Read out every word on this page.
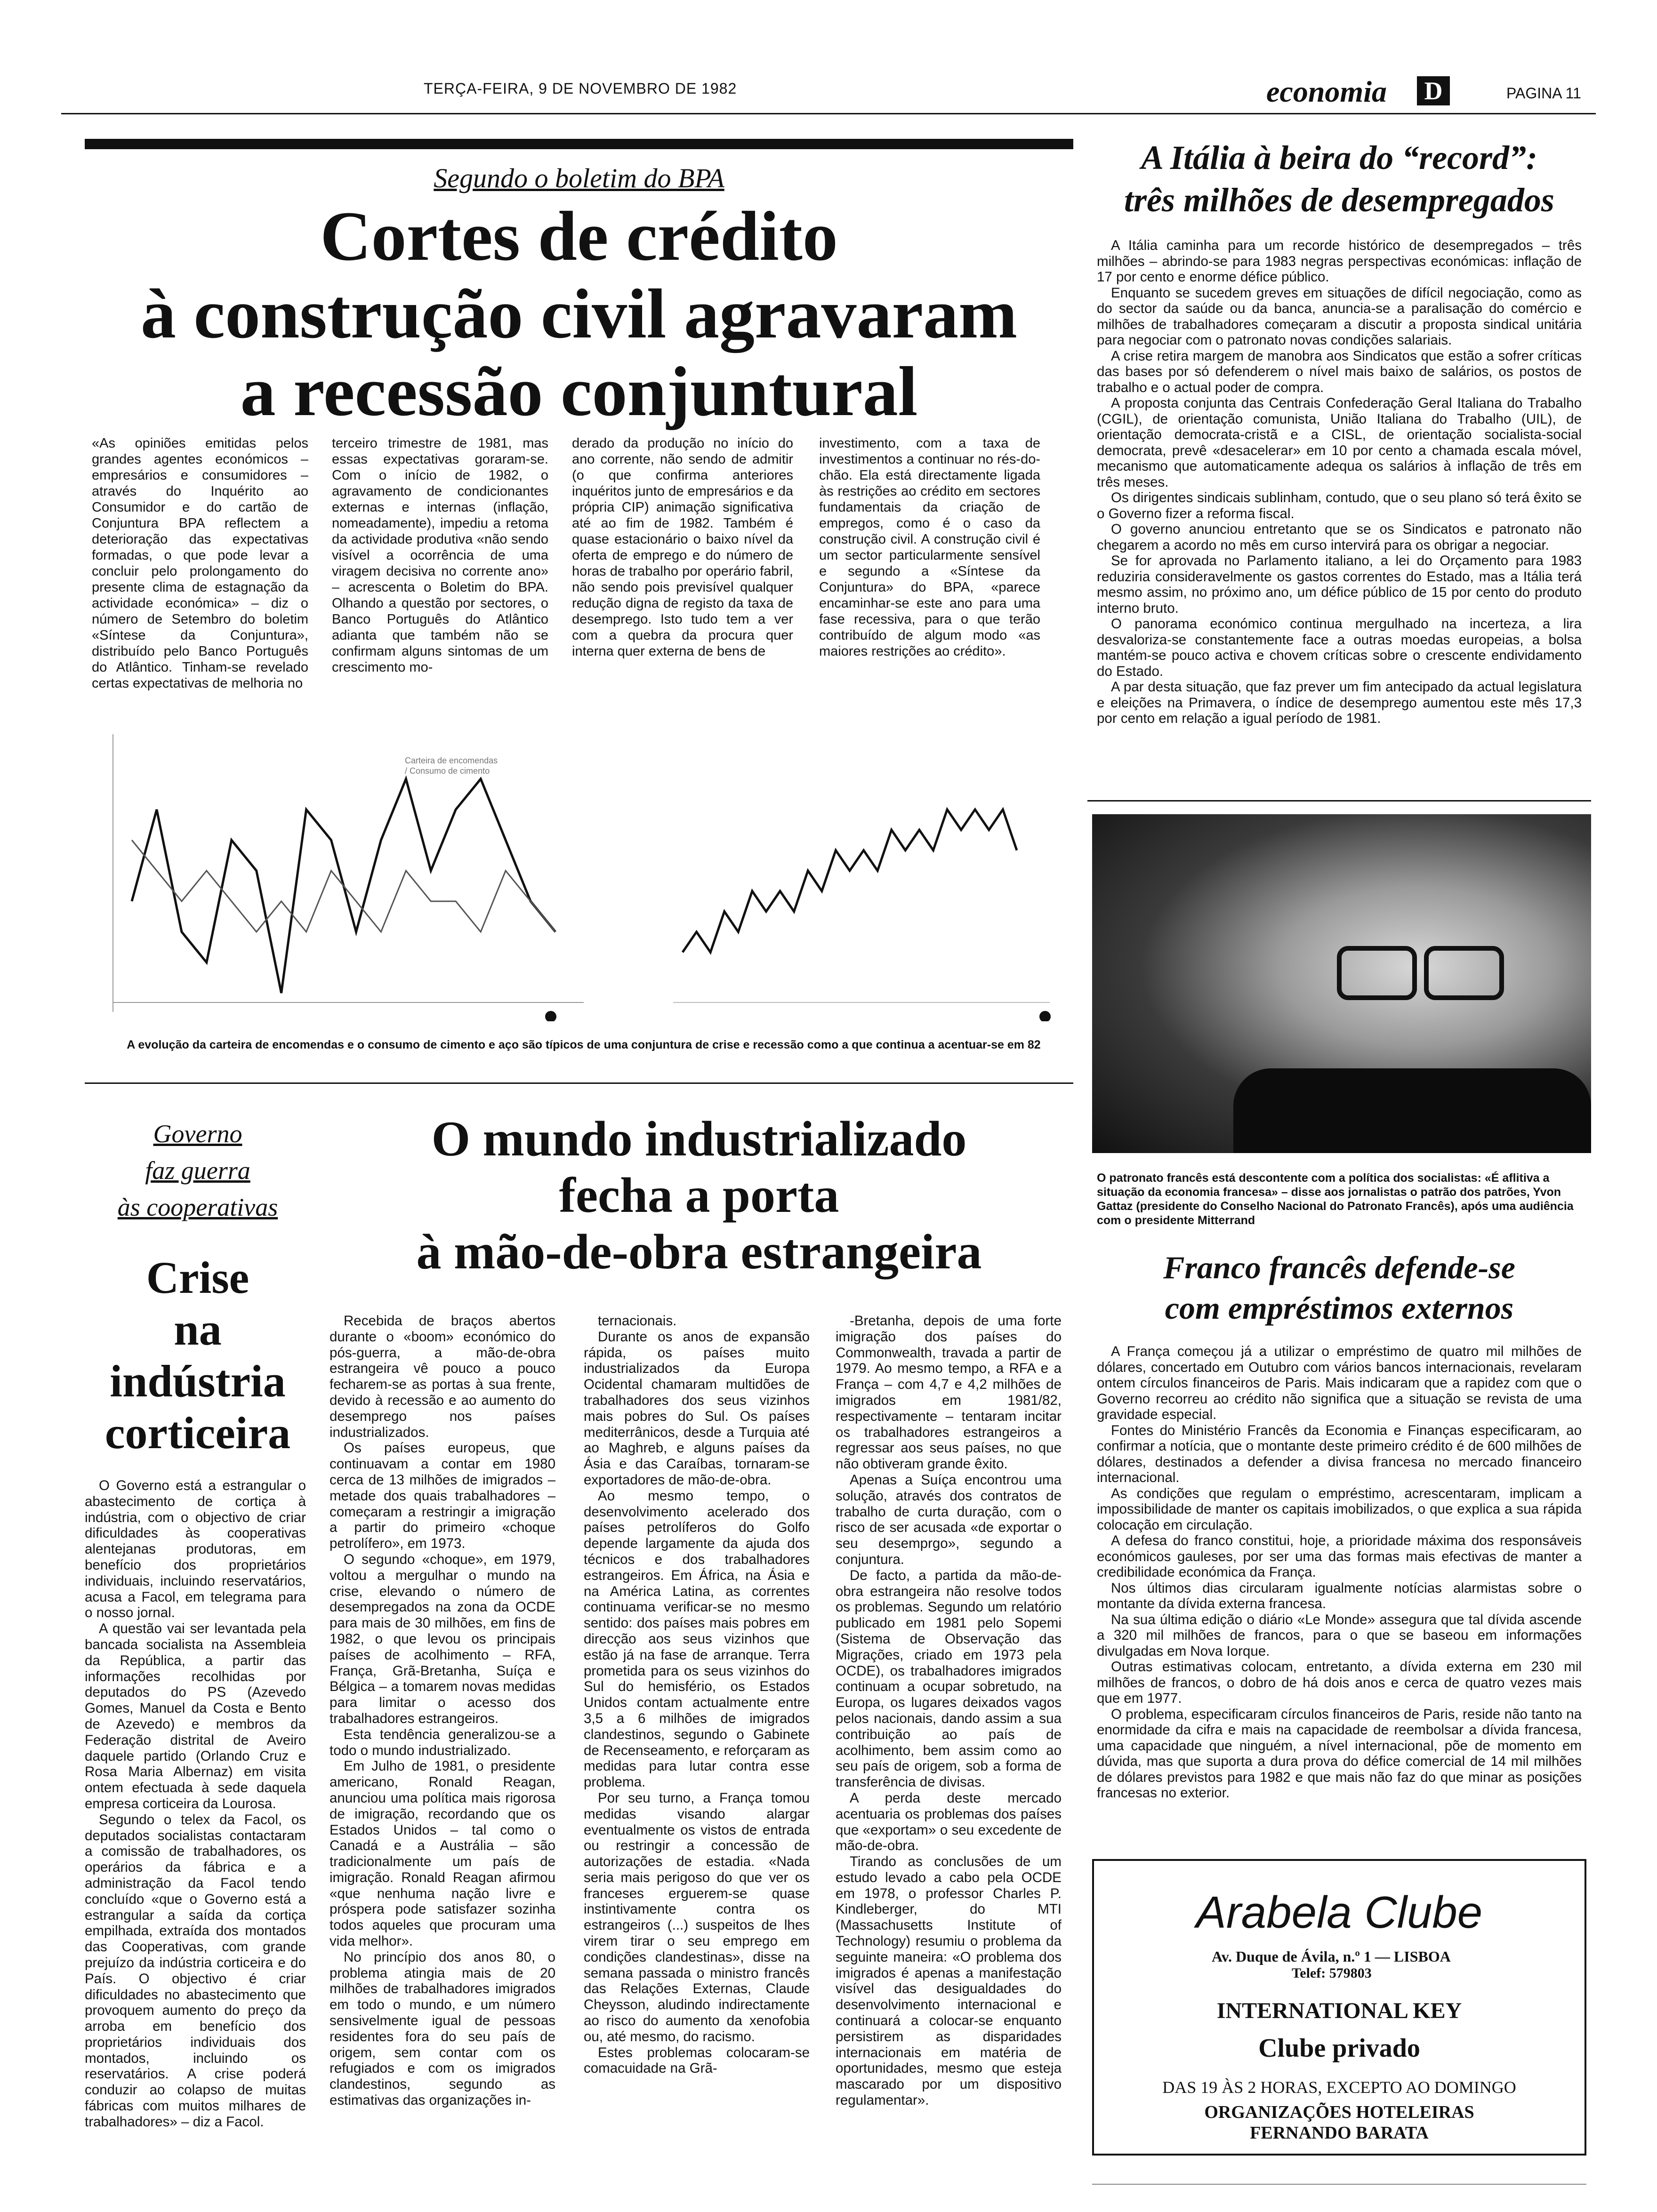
TERÇA-FEIRA, 9 DE NOVEMBRO DE 1982	economia D	PAGINA 11
Segundo o boletim do BPA
Cortes de crédito
à construção civil agravaram
a recessão conjuntural
«As opiniões emitidas pelos grandes agentes económicos – empresários e consumidores – através do Inquérito ao Consumidor e do cartão de Conjuntura BPA reflectem a deterioração das expectativas formadas, o que pode levar a concluir pelo prolongamento do presente clima de estagnação da actividade económica» – diz o número de Setembro do boletim «Síntese da Conjuntura», distribuído pelo Banco Português do Atlântico. Tinham-se revelado certas expectativas de melhoria no
terceiro trimestre de 1981, mas essas expectativas goraram-se. Com o início de 1982, o agravamento de condicionantes externas e internas (inflação, nomeadamente), impediu a retoma da actividade produtiva «não sendo visível a ocorrência de uma viragem decisiva no corrente ano» – acrescenta o Boletim do BPA. Olhando a questão por sectores, o Banco Português do Atlântico adianta que também não se confirmam alguns sintomas de um crescimento mo-
derado da produção no início do ano corrente, não sendo de admitir (o que confirma anteriores inquéritos junto de empresários e da própria CIP) animação significativa até ao fim de 1982. Também é quase estacionário o baixo nível da oferta de emprego e do número de horas de trabalho por operário fabril, não sendo pois previsível qualquer redução digna de registo da taxa de desemprego. Isto tudo tem a ver com a quebra da procura quer interna quer externa de bens de
investimento, com a taxa de investimentos a continuar no rés-do-chão. Ela está directamente ligada às restrições ao crédito em sectores fundamentais da criação de empregos, como é o caso da construção civil. A construção civil é um sector particularmente sensível e segundo a «Síntese da Conjuntura» do BPA, «parece encaminhar-se este ano para uma fase recessiva, para o que terão contribuído de algum modo «as maiores restrições ao crédito».
Carteira de encomendas / Consumo de cimento
A evolução da carteira de encomendas e o consumo de cimento e aço são típicos de uma conjuntura de crise e recessão como a que continua a acentuar-se em 82
A Itália à beira do “record”:
três milhões de desempregados

A Itália caminha para um recorde histórico de desempregados – três milhões – abrindo-se para 1983 negras perspectivas económicas: inflação de 17 por cento e enorme défice público.

Enquanto se sucedem greves em situações de difícil negociação, como as do sector da saúde ou da banca, anuncia-se a paralisação do comércio e milhões de trabalhadores começaram a discutir a proposta sindical unitária para negociar com o patronato novas condições salariais.

A crise retira margem de manobra aos Sindicatos que estão a sofrer críticas das bases por só defenderem o nível mais baixo de salários, os postos de trabalho e o actual poder de compra.

A proposta conjunta das Centrais Confederação Geral Italiana do Trabalho (CGIL), de orientação comunista, União Italiana do Trabalho (UIL), de orientação democrata-cristã e a CISL, de orientação socialista-social democrata, prevê «desacelerar» em 10 por cento a chamada escala móvel, mecanismo que automaticamente adequa os salários à inflação de três em três meses.

Os dirigentes sindicais sublinham, contudo, que o seu plano só terá êxito se o Governo fizer a reforma fiscal.

O governo anunciou entretanto que se os Sindicatos e patronato não chegarem a acordo no mês em curso intervirá para os obrigar a negociar.

Se for aprovada no Parlamento italiano, a lei do Orçamento para 1983 reduziria consideravelmente os gastos correntes do Estado, mas a Itália terá mesmo assim, no próximo ano, um défice público de 15 por cento do produto interno bruto.

O panorama económico continua mergulhado na incerteza, a lira desvaloriza-se constantemente face a outras moedas europeias, a bolsa mantém-se pouco activa e chovem críticas sobre o crescente endividamento do Estado.

A par desta situação, que faz prever um fim antecipado da actual legislatura e eleições na Primavera, o índice de desemprego aumentou este mês 17,3 por cento em relação a igual período de 1981.

O patronato francês está descontente com a política dos socialistas: «É aflitiva a situação da economia francesa» – disse aos jornalistas o patrão dos patrões, Yvon Gattaz (presidente do Conselho Nacional do Patronato Francês), após uma audiência com o presidente Mitterrand
Franco francês defende-se
com empréstimos externos

A França começou já a utilizar o empréstimo de quatro mil milhões de dólares, concertado em Outubro com vários bancos internacionais, revelaram ontem círculos financeiros de Paris. Mais indicaram que a rapidez com que o Governo recorreu ao crédito não significa que a situação se revista de uma gravidade especial.

Fontes do Ministério Francês da Economia e Finanças especificaram, ao confirmar a notícia, que o montante deste primeiro crédito é de 600 milhões de dólares, destinados a defender a divisa francesa no mercado financeiro internacional.

As condições que regulam o empréstimo, acrescentaram, implicam a impossibilidade de manter os capitais imobilizados, o que explica a sua rápida colocação em circulação.

A defesa do franco constitui, hoje, a prioridade máxima dos responsáveis económicos gauleses, por ser uma das formas mais efectivas de manter a credibilidade económica da França.

Nos últimos dias circularam igualmente notícias alarmistas sobre o montante da dívida externa francesa.

Na sua última edição o diário «Le Monde» assegura que tal dívida ascende a 320 mil milhões de francos, para o que se baseou em informações divulgadas em Nova Iorque.

Outras estimativas colocam, entretanto, a dívida externa em 230 mil milhões de francos, o dobro de há dois anos e cerca de quatro vezes mais que em 1977.

O problema, especificaram círculos financeiros de Paris, reside não tanto na enormidade da cifra e mais na capacidade de reembolsar a dívida francesa, uma capacidade que ninguém, a nível internacional, põe de momento em dúvida, mas que suporta a dura prova do défice comercial de 14 mil milhões de dólares previstos para 1982 e que mais não faz do que minar as posições francesas no exterior.

Arabela Clube
Av. Duque de Ávila, n.º 1 — LISBOA
Telef: 579803
INTERNATIONAL KEY
Clube privado
DAS 19 ÀS 2 HORAS, EXCEPTO AO DOMINGO
ORGANIZAÇÕES HOTELEIRAS
FERNANDO BARATA
Governo
faz guerra
às cooperativas
Crise
na
indústria
corticeira

O Governo está a estrangular o abastecimento de cortiça à indústria, com o objectivo de criar dificuldades às cooperativas alentejanas produtoras, em benefício dos proprietários individuais, incluindo reservatários, acusa a Facol, em telegrama para o nosso jornal.

A questão vai ser levantada pela bancada socialista na Assembleia da República, a partir das informações recolhidas por deputados do PS (Azevedo Gomes, Manuel da Costa e Bento de Azevedo) e membros da Federação distrital de Aveiro daquele partido (Orlando Cruz e Rosa Maria Albernaz) em visita ontem efectuada à sede daquela empresa corticeira da Lourosa.

Segundo o telex da Facol, os deputados socialistas contactaram a comissão de trabalhadores, os operários da fábrica e a administração da Facol tendo concluído «que o Governo está a estrangular a saída da cortiça empilhada, extraída dos montados das Cooperativas, com grande prejuízo da indústria corticeira e do País. O objectivo é criar dificuldades no abastecimento que provoquem aumento do preço da arroba em benefício dos proprietários individuais dos montados, incluindo os reservatários. A crise poderá conduzir ao colapso de muitas fábricas com muitos milhares de trabalhadores» – diz a Facol.

O mundo industrializado
fecha a porta
à mão-de-obra estrangeira

Recebida de braços abertos durante o «boom» económico do pós-guerra, a mão-de-obra estrangeira vê pouco a pouco fecharem-se as portas à sua frente, devido à recessão e ao aumento do desemprego nos países industrializados.

Os países europeus, que continuavam a contar em 1980 cerca de 13 milhões de imigrados – metade dos quais trabalhadores – começaram a restringir a imigração a partir do primeiro «choque petrolífero», em 1973.

O segundo «choque», em 1979, voltou a mergulhar o mundo na crise, elevando o número de desempregados na zona da OCDE para mais de 30 milhões, em fins de 1982, o que levou os principais países de acolhimento – RFA, França, Grã-Bretanha, Suíça e Bélgica – a tomarem novas medidas para limitar o acesso dos trabalhadores estrangeiros.

Esta tendência generalizou-se a todo o mundo industrializado.

Em Julho de 1981, o presidente americano, Ronald Reagan, anunciou uma política mais rigorosa de imigração, recordando que os Estados Unidos – tal como o Canadá e a Austrália – são tradicionalmente um país de imigração. Ronald Reagan afirmou «que nenhuma nação livre e próspera pode satisfazer sozinha todos aqueles que procuram uma vida melhor».

No princípio dos anos 80, o problema atingia mais de 20 milhões de trabalhadores imigrados em todo o mundo, e um número sensivelmente igual de pessoas residentes fora do seu país de origem, sem contar com os refugiados e com os imigrados clandestinos, segundo as estimativas das organizações in-

ternacionais.

Durante os anos de expansão rápida, os países muito industrializados da Europa Ocidental chamaram multidões de trabalhadores dos seus vizinhos mais pobres do Sul. Os países mediterrânicos, desde a Turquia até ao Maghreb, e alguns países da Ásia e das Caraíbas, tornaram-se exportadores de mão-de-obra.

Ao mesmo tempo, o desenvolvimento acelerado dos países petrolíferos do Golfo depende largamente da ajuda dos técnicos e dos trabalhadores estrangeiros. Em África, na Ásia e na América Latina, as correntes continuama verificar-se no mesmo sentido: dos países mais pobres em direcção aos seus vizinhos que estão já na fase de arranque. Terra prometida para os seus vizinhos do Sul do hemisfério, os Estados Unidos contam actualmente entre 3,5 a 6 milhões de imigrados clandestinos, segundo o Gabinete de Recenseamento, e reforçaram as medidas para lutar contra esse problema.

Por seu turno, a França tomou medidas visando alargar eventualmente os vistos de entrada ou restringir a concessão de autorizações de estadia. «Nada seria mais perigoso do que ver os franceses erguerem-se quase instintivamente contra os estrangeiros (...) suspeitos de lhes virem tirar o seu emprego em condições clandestinas», disse na semana passada o ministro francês das Relações Externas, Claude Cheysson, aludindo indirectamente ao risco do aumento da xenofobia ou, até mesmo, do racismo.

Estes problemas colocaram-se comacuidade na Grã-

-Bretanha, depois de uma forte imigração dos países do Commonwealth, travada a partir de 1979. Ao mesmo tempo, a RFA e a França – com 4,7 e 4,2 milhões de imigrados em 1981/82, respectivamente – tentaram incitar os trabalhadores estrangeiros a regressar aos seus países, no que não obtiveram grande êxito.

Apenas a Suíça encontrou uma solução, através dos contratos de trabalho de curta duração, com o risco de ser acusada «de exportar o seu desemprgo», segundo a conjuntura.

De facto, a partida da mão-de-obra estrangeira não resolve todos os problemas. Segundo um relatório publicado em 1981 pelo Sopemi (Sistema de Observação das Migrações, criado em 1973 pela OCDE), os trabalhadores imigrados continuam a ocupar sobretudo, na Europa, os lugares deixados vagos pelos nacionais, dando assim a sua contribuição ao país de acolhimento, bem assim como ao seu país de origem, sob a forma de transferência de divisas.

A perda deste mercado acentuaria os problemas dos países que «exportam» o seu excedente de mão-de-obra.

Tirando as conclusões de um estudo levado a cabo pela OCDE em 1978, o professor Charles P. Kindleberger, do MTI (Massachusetts Institute of Technology) resumiu o problema da seguinte maneira: «O problema dos imigrados é apenas a manifestação visível das desigualdades do desenvolvimento internacional e continuará a colocar-se enquanto persistirem as disparidades internacionais em matéria de oportunidades, mesmo que esteja mascarado por um dispositivo regulamentar».
